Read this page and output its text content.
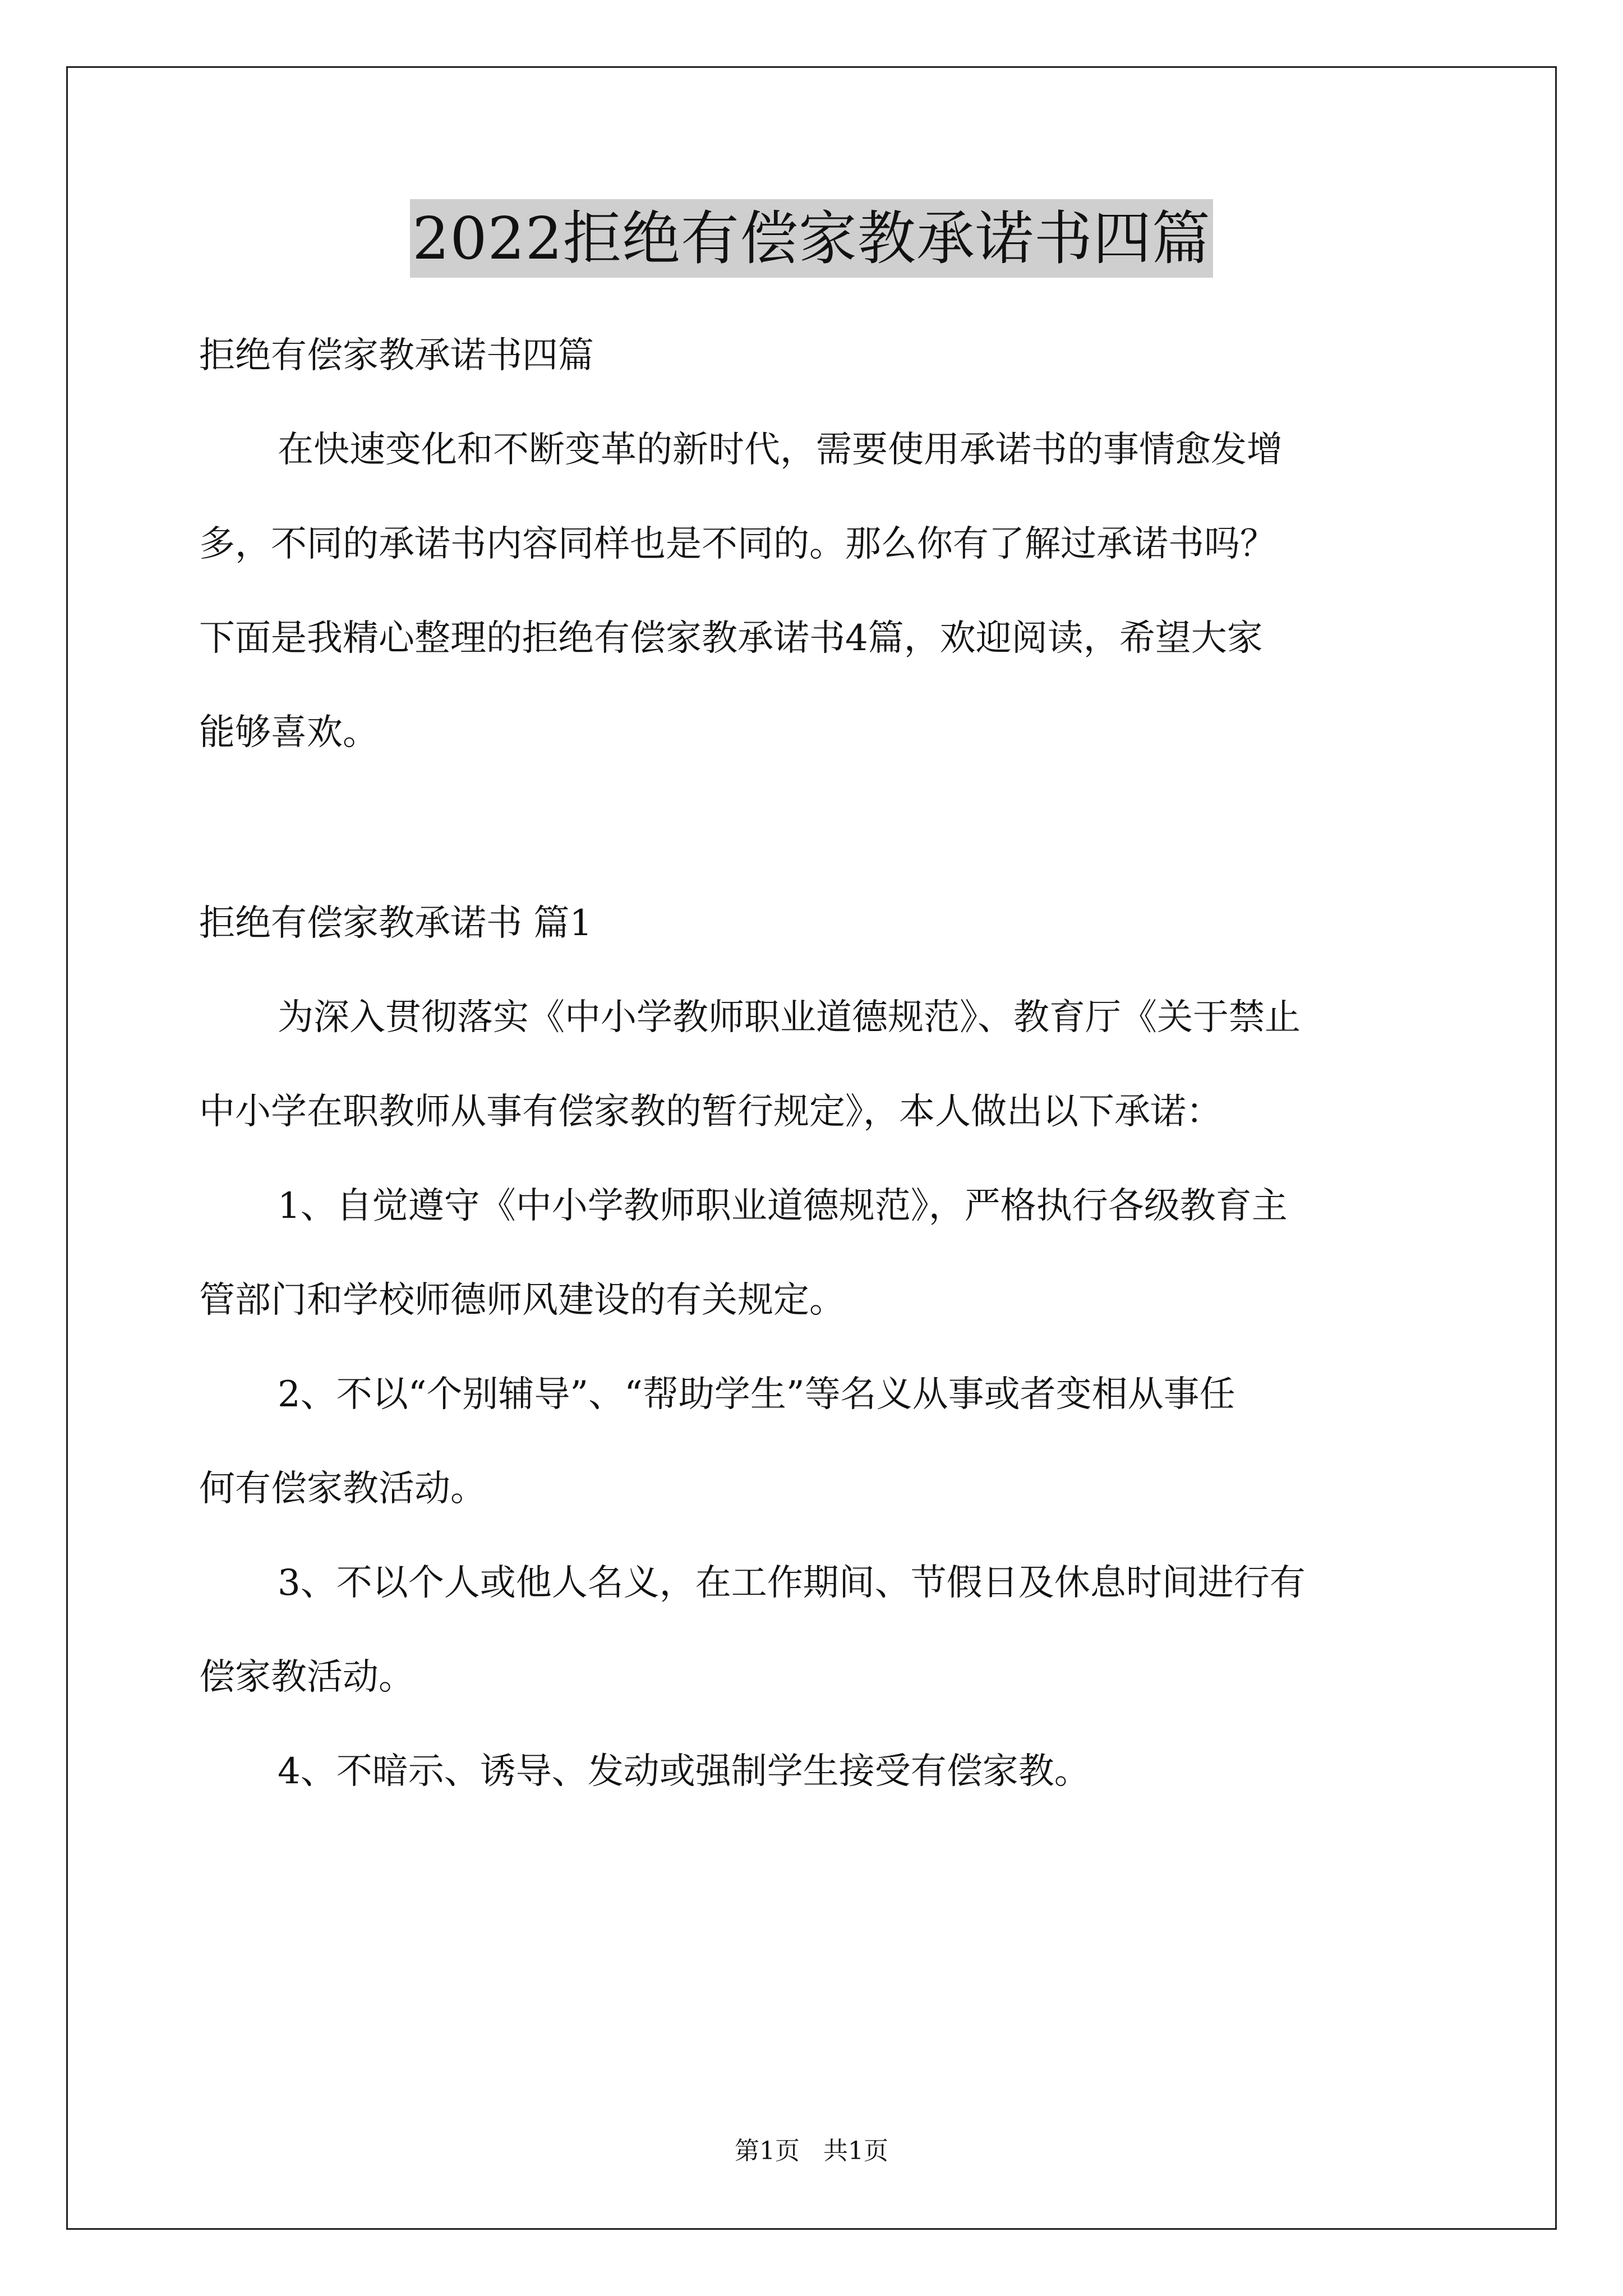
2022拒绝有偿家教承诺书四篇
拒绝有偿家教承诺书四篇
在快速变化和不断变革的新时代，需要使用承诺书的事情愈发增
多，不同的承诺书内容同样也是不同的。那么你有了解过承诺书吗？
下面是我精心整理的拒绝有偿家教承诺书4篇，欢迎阅读，希望大家
能够喜欢。
拒绝有偿家教承诺书 篇1
为深入贯彻落实《中小学教师职业道德规范》、教育厅《关于禁止
中小学在职教师从事有偿家教的暂行规定》，本人做出以下承诺：
1、自觉遵守《中小学教师职业道德规范》，严格执行各级教育主
管部门和学校师德师风建设的有关规定。
2、不以“个别辅导”、“帮助学生”等名义从事或者变相从事任
何有偿家教活动。
3、不以个人或他人名义，在工作期间、节假日及休息时间进行有
偿家教活动。
4、不暗示、诱导、发动或强制学生接受有偿家教。
第1页 共1页
